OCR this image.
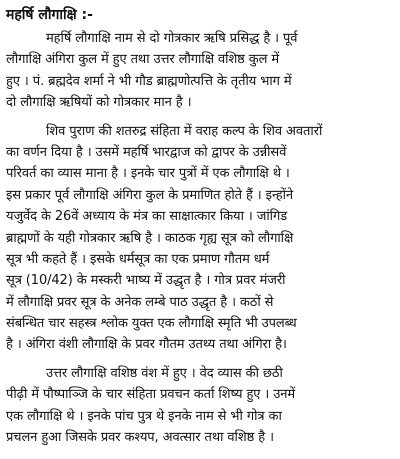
महर्षि लौगाक्षि :-
महर्षि लौगाक्षि नाम से दो गोत्रकार ऋषि प्रसिद्ध है । पूर्व
लौगाक्षि अंगिरा कुल में हुए तथा उत्तर लौगाक्षि वशिष्ठ कुल में
हुए । पं. ब्रह्मदेव शर्मा ने भी गौड ब्राह्मणोत्पत्ति के तृतीय भाग में
दो लौगाक्षि ऋषियों को गोत्रकार मान है ।
शिव पुराण की शतरुद्र संहिता में वराह कल्प के शिव अवतारों
का वर्णन दिया है । उसमें महर्षि भारद्वाज को द्वापर के उन्नीसवें
परिवर्त का व्यास माना है । इनके चार पुत्रों में एक लौगाक्षि थे ।
इस प्रकार पूर्व लौगाक्षि अंगिरा कुल के प्रमाणित होते हैं । इन्होंने
यजुर्वेद के 26वें अध्याय के मंत्र का साक्षात्कार किया । जांगिड
ब्राह्मणों के यही गोत्रकार ऋषि है । काठक गृह्य सूत्र को लौगाक्षि
सूत्र भी कहते हैं । इसके धर्मसूत्र का एक प्रमाण गौतम धर्म
सूत्र (10/42) के मस्करी भाष्य में उद्धृत है । गोत्र प्रवर मंजरी
में लौगाक्षि प्रवर सूत्र के अनेक लम्बे पाठ उद्धृत है । कठों से
संबन्धित चार सहस्त्र श्लोक युक्त एक लौगाक्षि स्मृति भी उपलब्ध
है । अंगिरा वंशी लौगाक्षि के प्रवर गौतम उतथ्य तथा अंगिरा है।
उत्तर लौगाक्षि वशिष्ठ वंश में हुए । वेद व्यास की छठी
पीढ़ी में पौष्पाञ्जि के चार संहिता प्रवचन कर्ता शिष्य हुए । उनमें
एक लौगाक्षि थे । इनके पांच पुत्र थे इनके नाम से भी गोत्र का
प्रचलन हुआ जिसके प्रवर कश्यप, अवत्सार तथा वशिष्ठ है ।
